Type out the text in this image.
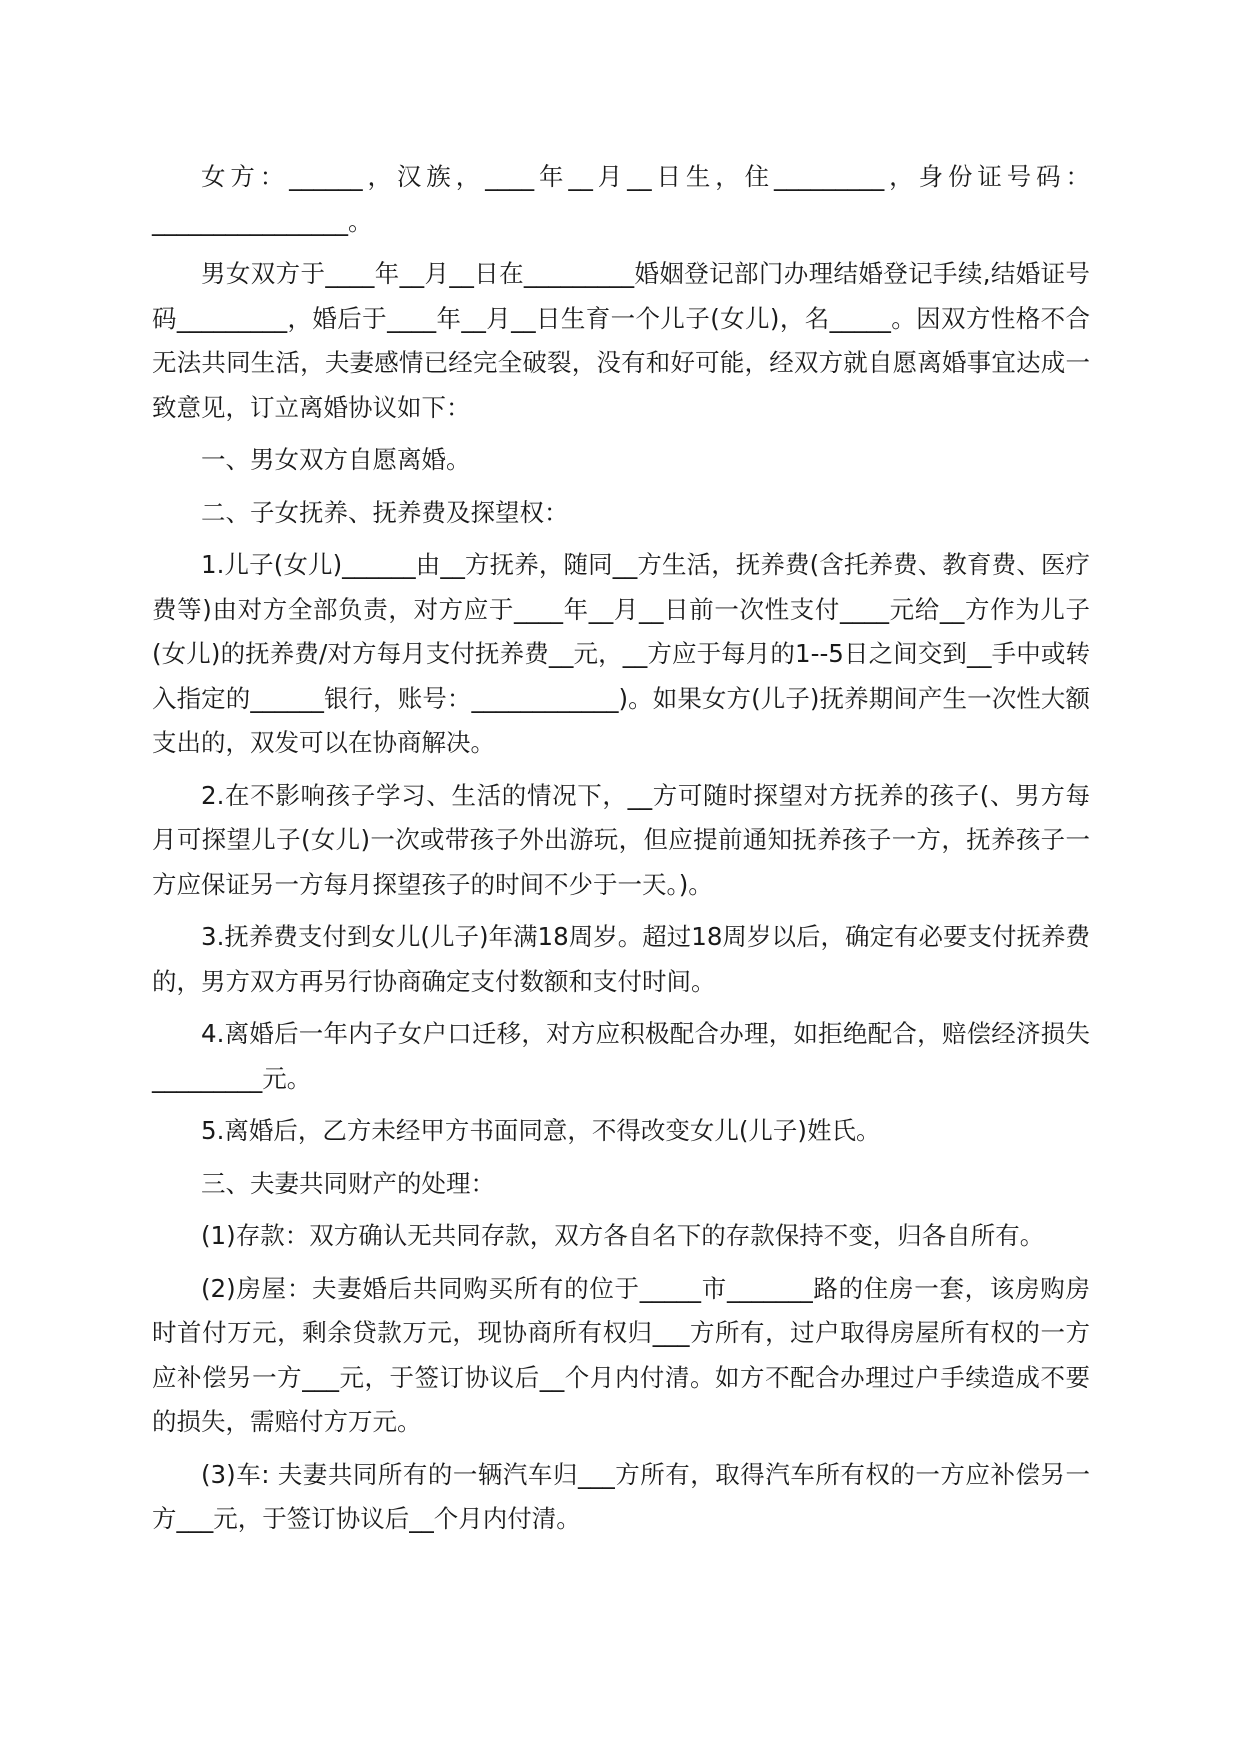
女方：______，汉族，____年__月__日生，住_________，身份证号码：________________。

男女双方于____年__月__日在_________婚姻登记部门办理结婚登记手续,结婚证号码_________，婚后于____年__月__日生育一个儿子(女儿)，名_____。因双方性格不合无法共同生活，夫妻感情已经完全破裂，没有和好可能，经双方就自愿离婚事宜达成一致意见，订立离婚协议如下：

一、男女双方自愿离婚。

二、子女抚养、抚养费及探望权：

1.儿子(女儿)______由__方抚养，随同__方生活，抚养费(含托养费、教育费、医疗费等)由对方全部负责，对方应于____年__月__日前一次性支付____元给__方作为儿子(女儿)的抚养费/对方每月支付抚养费__元，__方应于每月的1--5日之间交到__手中或转入指定的______银行，账号：____________)。如果女方(儿子)抚养期间产生一次性大额支出的，双发可以在协商解决。

2.在不影响孩子学习、生活的情况下，__方可随时探望对方抚养的孩子(、男方每月可探望儿子(女儿)一次或带孩子外出游玩，但应提前通知抚养孩子一方，抚养孩子一方应保证另一方每月探望孩子的时间不少于一天。)。

3.抚养费支付到女儿(儿子)年满18周岁。超过18周岁以后，确定有必要支付抚养费的，男方双方再另行协商确定支付数额和支付时间。

4.离婚后一年内子女户口迁移，对方应积极配合办理，如拒绝配合，赔偿经济损失_________元。

5.离婚后，乙方未经甲方书面同意，不得改变女儿(儿子)姓氏。

三、夫妻共同财产的处理：

(1)存款：双方确认无共同存款，双方各自名下的存款保持不变，归各自所有。

(2)房屋：夫妻婚后共同购买所有的位于_____市_______路的住房一套，该房购房时首付万元，剩余贷款万元，现协商所有权归___方所有，过户取得房屋所有权的一方应补偿另一方___元，于签订协议后__个月内付清。如方不配合办理过户手续造成不要的损失，需赔付方万元。

(3)车: 夫妻共同所有的一辆汽车归___方所有，取得汽车所有权的一方应补偿另一方___元，于签订协议后__个月内付清。
